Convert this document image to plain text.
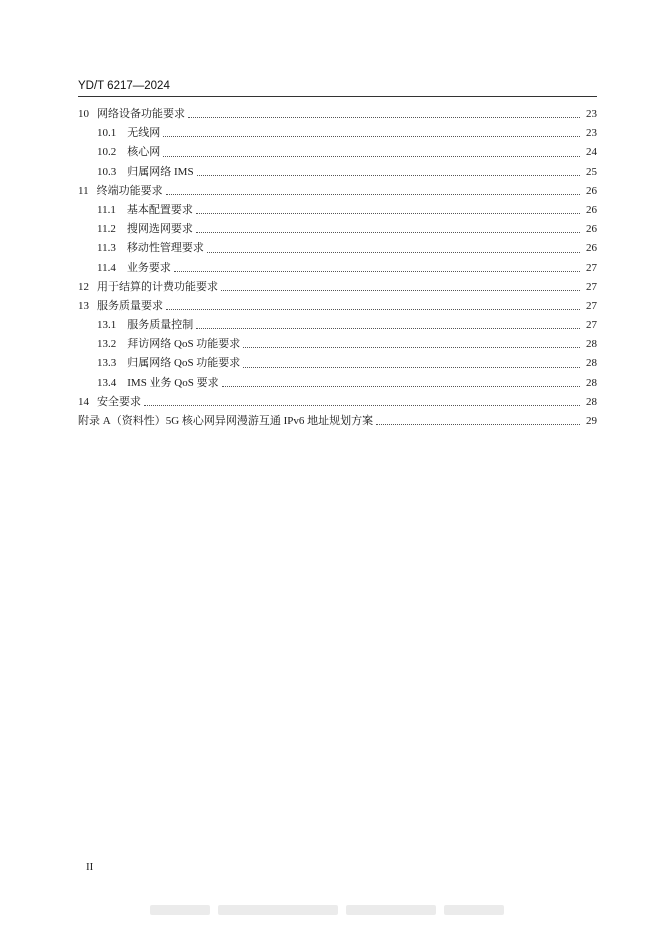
YD/T 6217—2024
10 网络设备功能要求	23
10.1	无线网	23
10.2	核心网	24
10.3	归属网络 IMS	25
11 终端功能要求	26
11.1	基本配置要求	26
11.2	搜网选网要求	26
11.3	移动性管理要求	26
11.4	业务要求	27
12 用于结算的计费功能要求	27
13 服务质量要求	27
13.1	服务质量控制	27
13.2	拜访网络 QoS 功能要求	28
13.3	归属网络 QoS 功能要求	28
13.4	IMS 业务 QoS 要求	28
14 安全要求	28
附录 A（资料性）5G 核心网异网漫游互通 IPv6 地址规划方案	29
II
